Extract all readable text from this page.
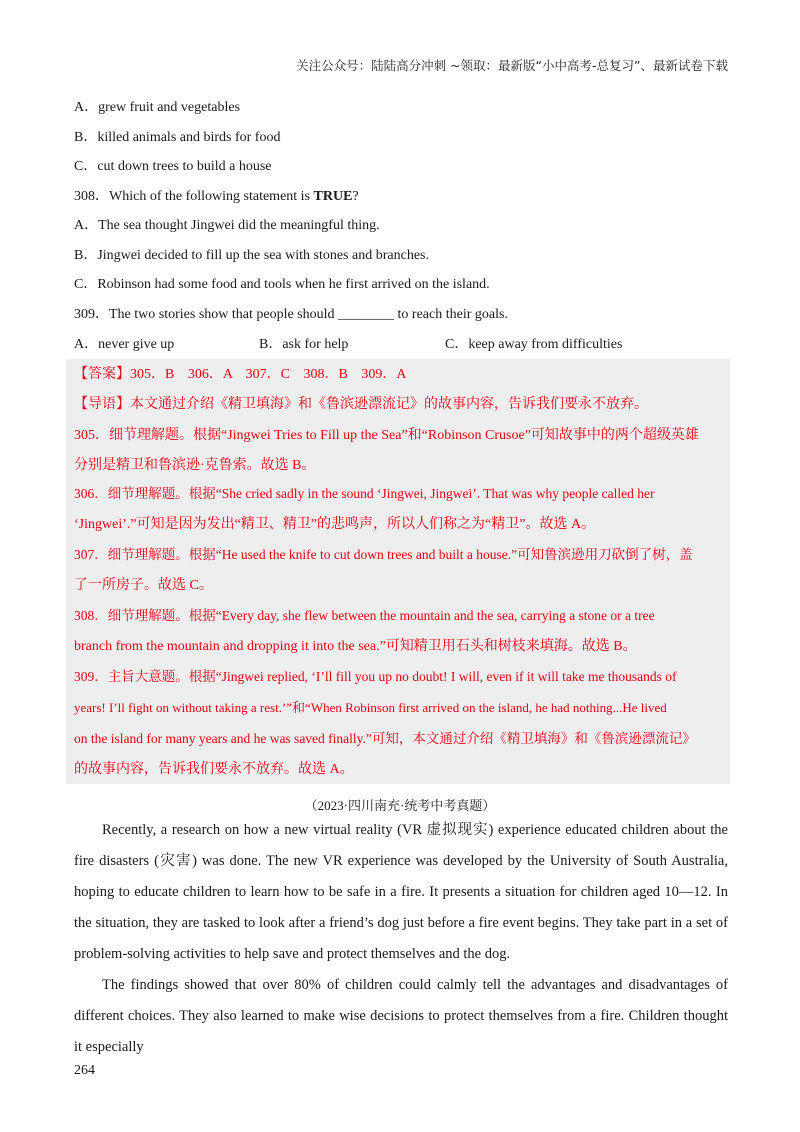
关注公众号：陆陆高分冲刺 ~领取：最新版“小中高考-总复习”、最新试卷下载
A．grew fruit and vegetables
B．killed animals and birds for food
C．cut down trees to build a house
308．Which of the following statement is TRUE?
A．The sea thought Jingwei did the meaningful thing.
B．Jingwei decided to fill up the sea with stones and branches.
C．Robinson had some food and tools when he first arrived on the island.
309．The two stories show that people should ________ to reach their goals.
A．never give up	B．ask for help	C．keep away from difficulties
【答案】305．B 306．A 307．C 308．B 309．A
【导语】本文通过介绍《精卫填海》和《鲁滨逊漂流记》的故事内容，告诉我们要永不放弃。
305．细节理解题。根据“Jingwei Tries to Fill up the Sea”和“Robinson Crusoe”可知故事中的两个超级英雄
分别是精卫和鲁滨逊·克鲁索。故选 B。
306．细节理解题。根据“She cried sadly in the sound ‘Jingwei, Jingwei’. That was why people called her
‘Jingwei’.”可知是因为发出“精卫、精卫”的悲鸣声，所以人们称之为“精卫”。故选 A。
307．细节理解题。根据“He used the knife to cut down trees and built a house.”可知鲁滨逊用刀砍倒了树，盖
了一所房子。故选 C。
308．细节理解题。根据“Every day, she flew between the mountain and the sea, carrying a stone or a tree
branch from the mountain and dropping it into the sea.”可知精卫用石头和树枝来填海。故选 B。
309．主旨大意题。根据“Jingwei replied, ‘I’ll fill you up no doubt! I will, even if it will take me thousands of
years! I’ll fight on without taking a rest.’”和“When Robinson first arrived on the island, he had nothing...He lived
on the island for many years and he was saved finally.”可知，本文通过介绍《精卫填海》和《鲁滨逊漂流记》
的故事内容，告诉我们要永不放弃。故选 A。
（2023·四川南充·统考中考真题）
Recently, a research on how a new virtual reality (VR 虚拟现实) experience educated children about the fire disasters (灾害) was done. The new VR experience was developed by the University of South Australia, hoping to educate children to learn how to be safe in a fire. It presents a situation for children aged 10—12. In the situation, they are tasked to look after a friend’s dog just before a fire event begins. They take part in a set of problem-solving activities to help save and protect themselves and the dog.
The findings showed that over 80% of children could calmly tell the advantages and disadvantages of different choices. They also learned to make wise decisions to protect themselves from a fire. Children thought it especially
264
